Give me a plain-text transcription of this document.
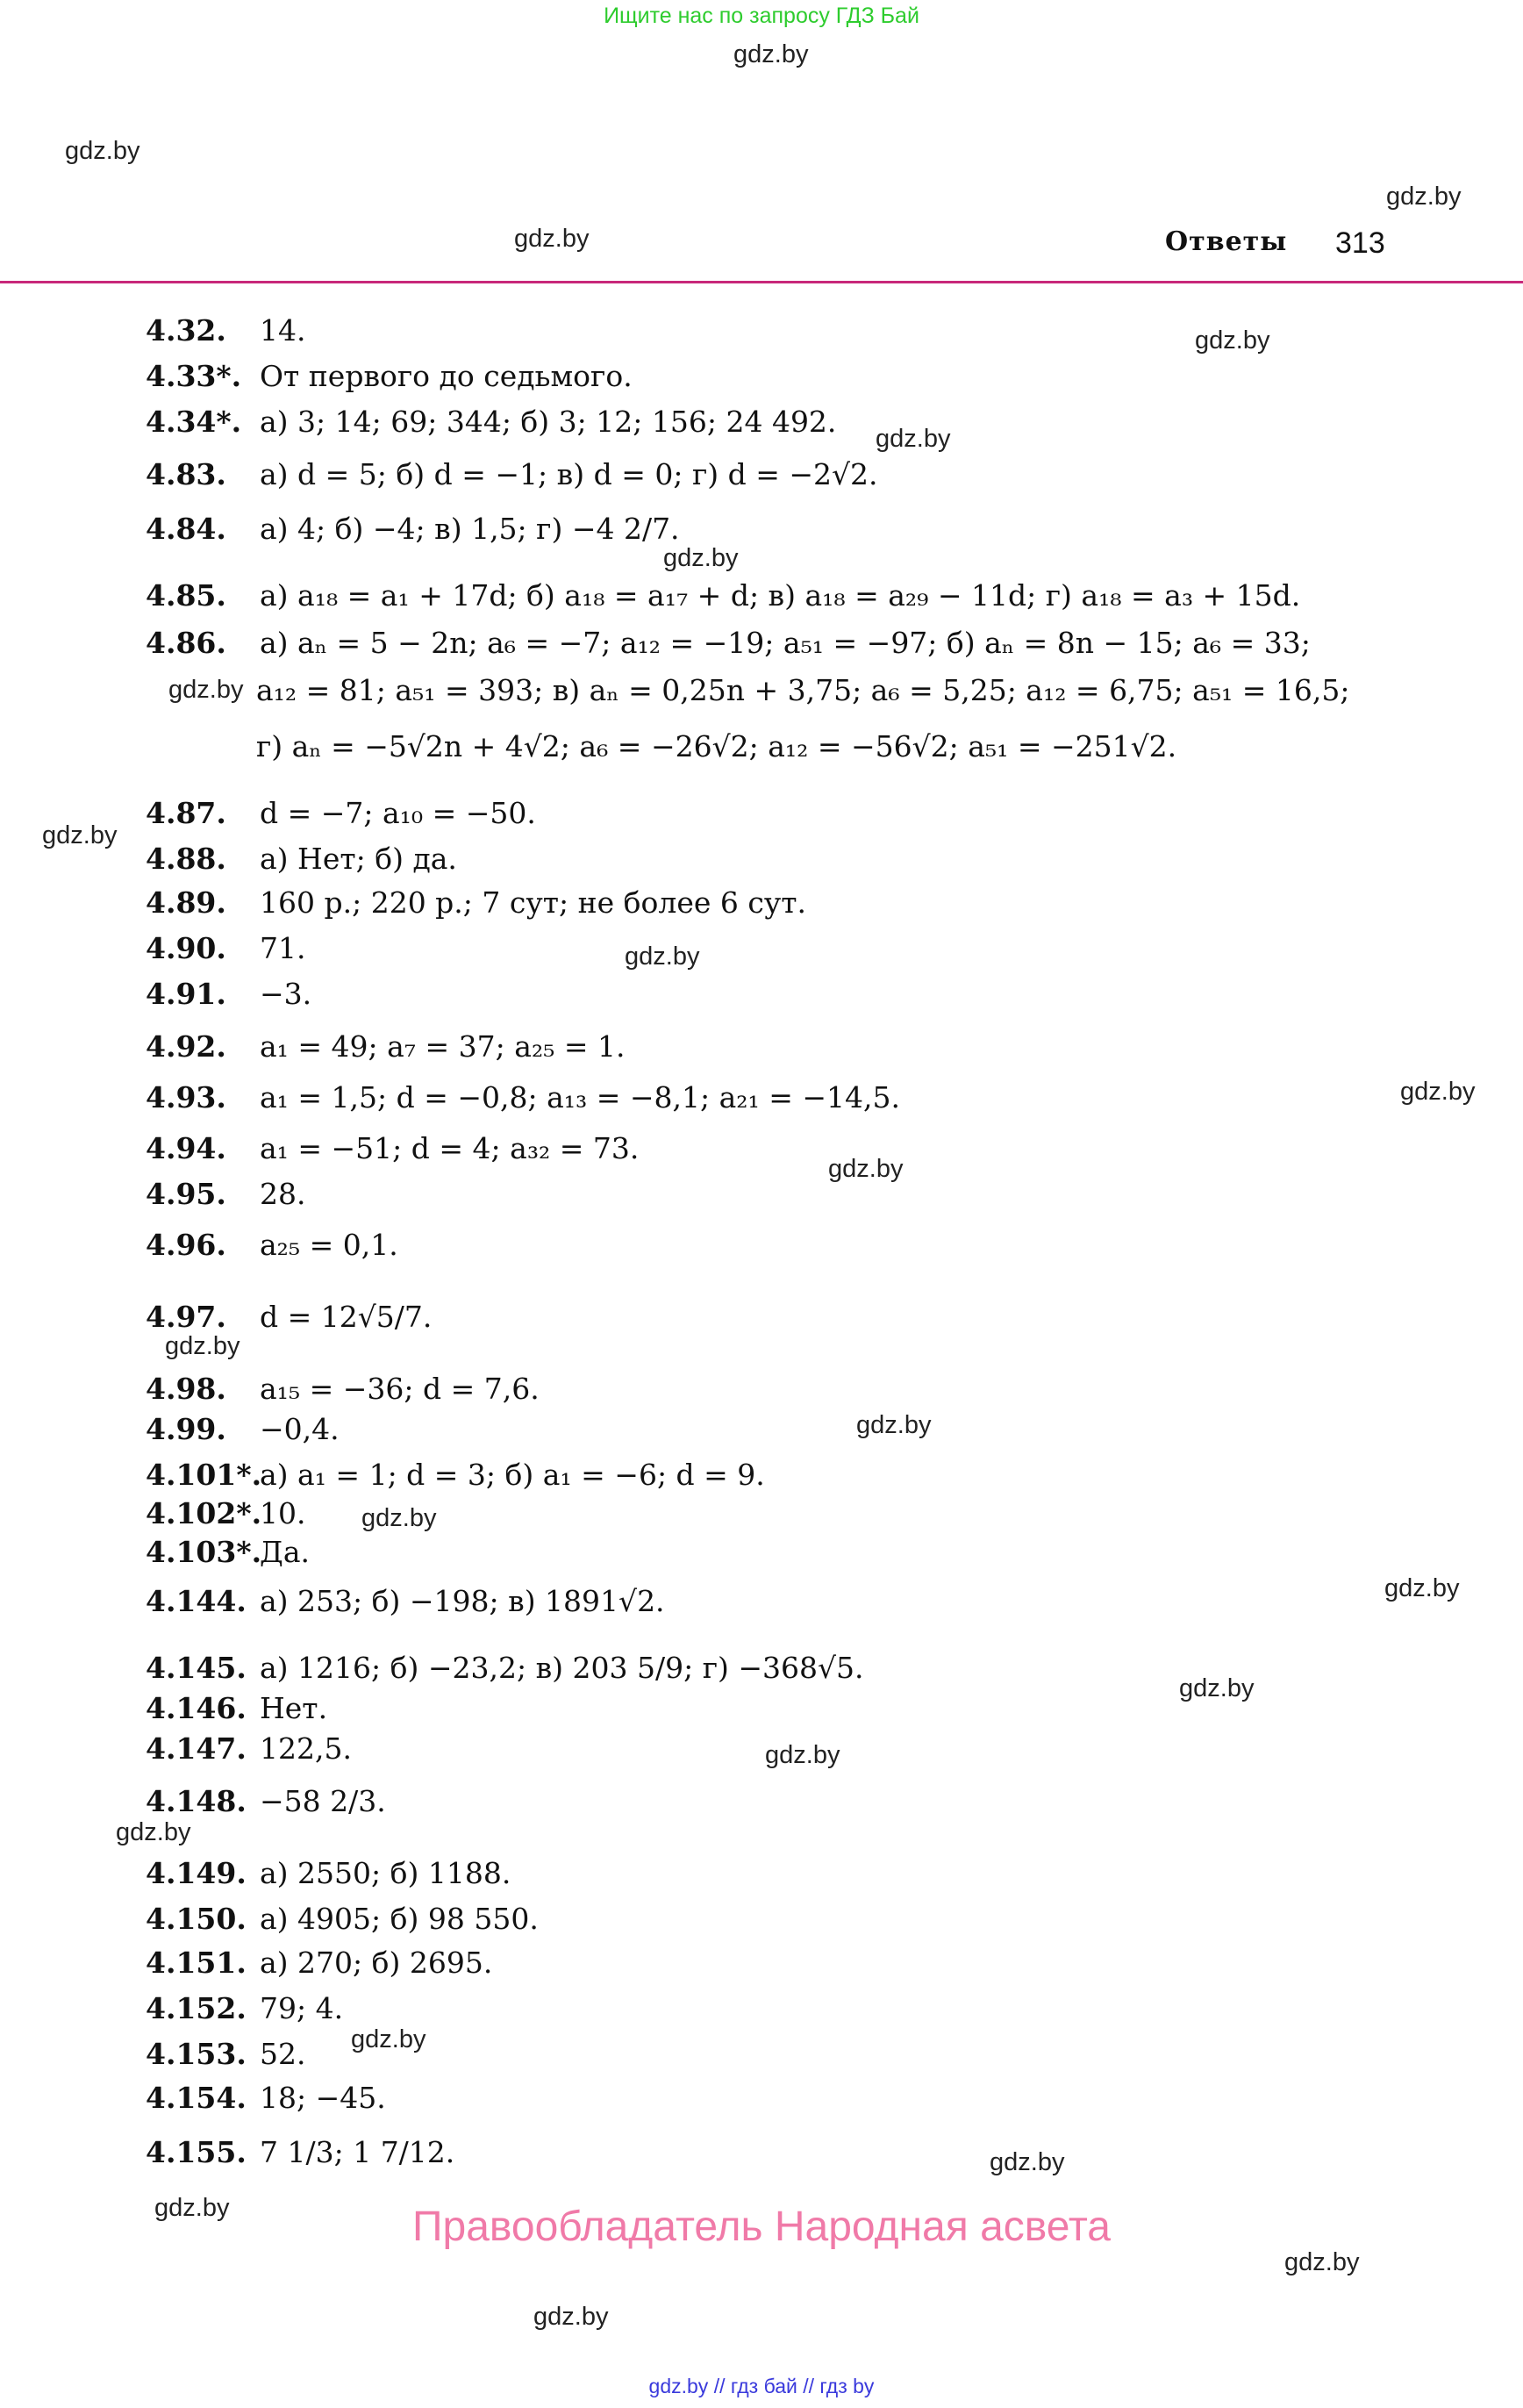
Ищите нас по запросу ГДЗ Бай
gdz.by
gdz.by
gdz.by
gdz.by
gdz.by
gdz.by
gdz.by
gdz.by
gdz.by
gdz.by
gdz.by
gdz.by
gdz.by
gdz.by
gdz.by
gdz.by
gdz.by
gdz.by
gdz.by
gdz.by
gdz.by
gdz.by
gdz.by
gdz.by
Ответы 313
4.32. 14.
4.33*. От первого до седьмого.
4.34*. а) 3; 14; 69; 344; б) 3; 12; 156; 24 492.
4.83. а) d = 5; б) d = −1; в) d = 0; г) d = −2√2.
4.84. а) 4; б) −4; в) 1,5; г) −4 2/7.
4.85. а) a₁₈ = a₁ + 17d; б) a₁₈ = a₁₇ + d; в) a₁₈ = a₂₉ − 11d; г) a₁₈ = a₃ + 15d.
4.86. а) aₙ = 5 − 2n; a₆ = −7; a₁₂ = −19; a₅₁ = −97; б) aₙ = 8n − 15; a₆ = 33;
a₁₂ = 81; a₅₁ = 393; в) aₙ = 0,25n + 3,75; a₆ = 5,25; a₁₂ = 6,75; a₅₁ = 16,5;
г) aₙ = −5√2n + 4√2; a₆ = −26√2; a₁₂ = −56√2; a₅₁ = −251√2.
4.87. d = −7; a₁₀ = −50.
4.88. а) Нет; б) да.
4.89. 160 р.; 220 р.; 7 сут; не более 6 сут.
4.90. 71.
4.91. −3.
4.92. a₁ = 49; a₇ = 37; a₂₅ = 1.
4.93. a₁ = 1,5; d = −0,8; a₁₃ = −8,1; a₂₁ = −14,5.
4.94. a₁ = −51; d = 4; a₃₂ = 73.
4.95. 28.
4.96. a₂₅ = 0,1.
4.97. d = 12√5/7.
4.98. a₁₅ = −36; d = 7,6.
4.99. −0,4.
4.101*.а) a₁ = 1; d = 3; б) a₁ = −6; d = 9.
4.102*.10.
4.103*.Да.
4.144. а) 253; б) −198; в) 1891√2.
4.145. а) 1216; б) −23,2; в) 203 5/9; г) −368√5.
4.146. Нет.
4.147. 122,5.
4.148. −58 2/3.
4.149. а) 2550; б) 1188.
4.150. а) 4905; б) 98 550.
4.151. а) 270; б) 2695.
4.152. 79; 4.
4.153. 52.
4.154. 18; −45.
4.155. 7 1/3; 1 7/12.
Правообладатель Народная асвета
gdz.by // гдз бай // гдз by
